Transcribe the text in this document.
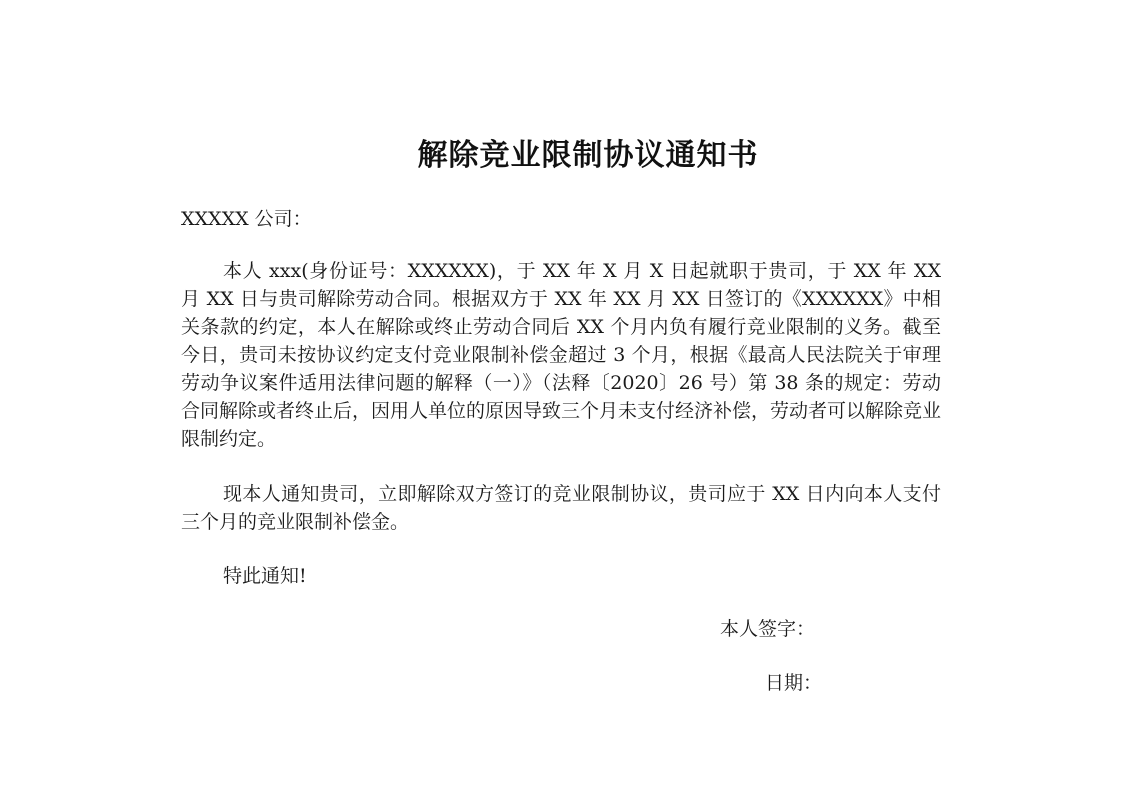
解除竞业限制协议通知书
XXXXX 公司：

本人 xxx(身份证号：XXXXXX)，于 XX 年 X 月 X 日起就职于贵司，于 XX 年 XX 月 XX 日与贵司解除劳动合同。根据双方于 XX 年 XX 月 XX 日签订的《XXXXXX》中相关条款的约定，本人在解除或终止劳动合同后 XX 个月内负有履行竞业限制的义务。截至今日，贵司未按协议约定支付竞业限制补偿金超过 3 个月，根据《最高人民法院关于审理劳动争议案件适用法律问题的解释（一）》（法释〔2020〕26 号）第 38 条的规定：劳动合同解除或者终止后，因用人单位的原因导致三个月未支付经济补偿，劳动者可以解除竞业限制约定。

现本人通知贵司，立即解除双方签订的竞业限制协议，贵司应于 XX 日内向本人支付三个月的竞业限制补偿金。

特此通知!

本人签字：
日期：
